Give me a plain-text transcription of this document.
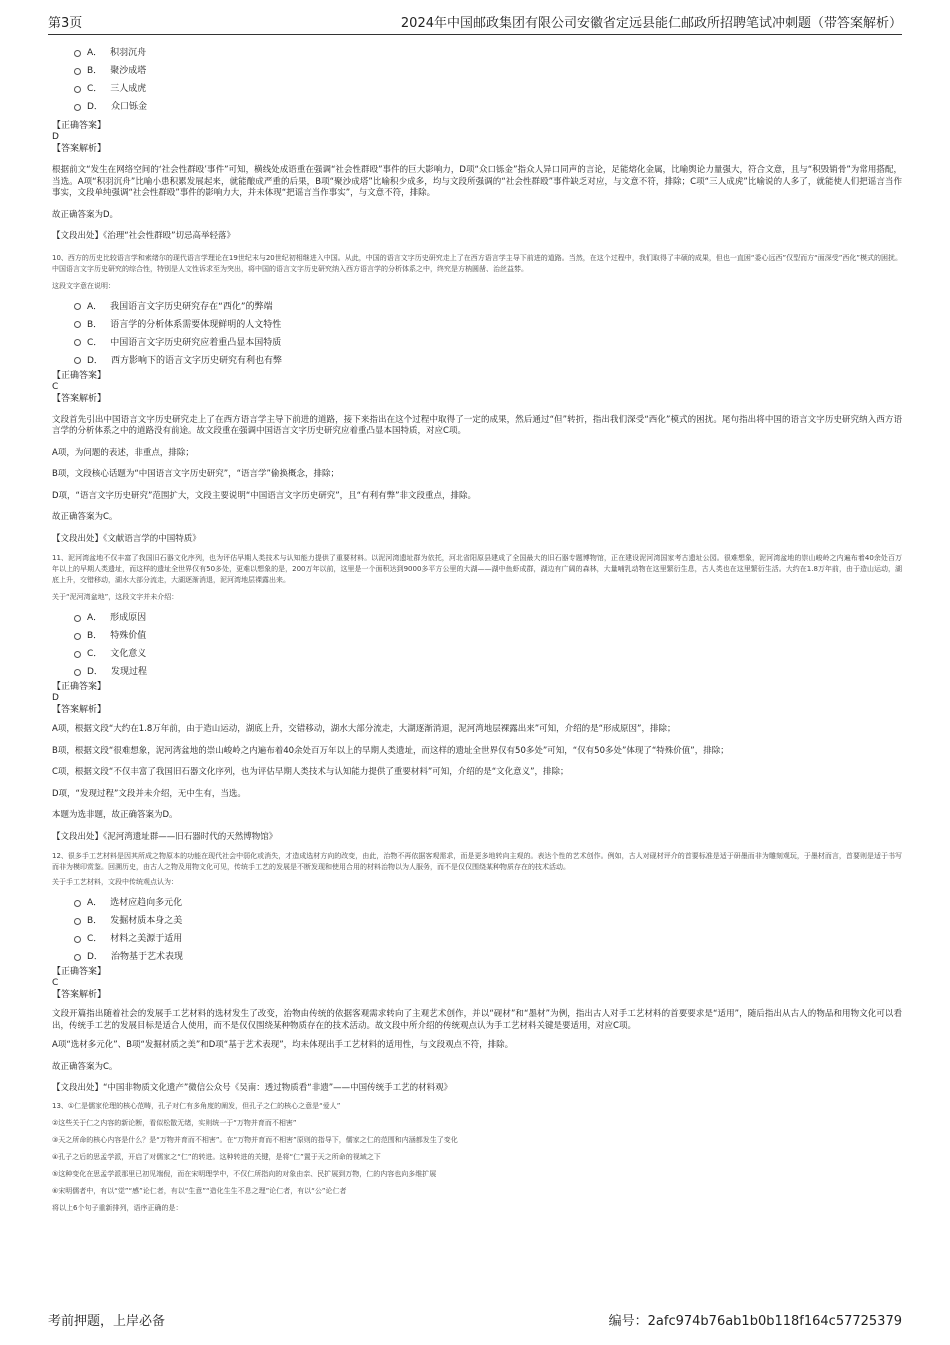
第3页	2024年中国邮政集团有限公司安徽省定远县能仁邮政所招聘笔试冲刺题（带答案解析）
A． 积羽沉舟
B． 聚沙成塔
C． 三人成虎
D． 众口铄金
【正确答案】
D
【答案解析】
根据前文“发生在网络空间的‘社会性群殴’事件”可知，横线处成语重在强调“社会性群殴”事件的巨大影响力，D项“众口铄金”指众人异口同声的言论，足能熔化金属，比喻舆论力量强大，符合文意，且与“积毁销骨”为常用搭配，当选。A项“积羽沉舟”比喻小患积累发展起来，就能酿成严重的后果，B项“聚沙成塔”比喻积少成多，均与文段所强调的“社会性群殴”事件缺乏对应，与文意不符，排除；C项“三人成虎”比喻说的人多了，就能使人们把谣言当作事实，文段单纯强调“社会性群殴”事件的影响力大，并未体现“把谣言当作事实”，与文意不符，排除。
故正确答案为D。
【文段出处】《治理“社会性群殴”切忌高举轻落》
10、西方的历史比较语言学和索绪尔的现代语言学理论在19世纪末与20世纪初相继进入中国。从此，中国的语言文字历史研究走上了在西方语言学主导下前进的道路。当然，在这个过程中，我们取得了丰硕的成果，但也一直困“委心远西”仅型而方“面深受”西化”模式的困扰。中国语言文字历史研究的综合性，特别是人文性诉求至为突出，将中国的语言文字历史研究纳入西方语言学的分析体系之中，终究是方枘圆凿、治丝益棼。
这段文字意在说明：
A． 我国语言文字历史研究存在“西化”的弊端
B． 语言学的分析体系需要体现鲜明的人文特性
C． 中国语言文字历史研究应着重凸显本国特质
D． 西方影响下的语言文字历史研究有利也有弊
【正确答案】
C
【答案解析】
文段首先引出中国语言文字历史研究走上了在西方语言学主导下前进的道路，接下来指出在这个过程中取得了一定的成果，然后通过“但”转折，指出我们深受“西化”模式的困扰。尾句指出将中国的语言文字历史研究纳入西方语言学的分析体系之中的道路没有前途。故文段重在强调中国语言文字历史研究应着重凸显本国特质，对应C项。
A项，为问题的表述，非重点，排除；
B项，文段核心话题为“中国语言文字历史研究”，“语言学”偷换概念，排除；
D项，“语言文字历史研究”范围扩大，文段主要说明“中国语言文字历史研究”，且“有利有弊”非文段重点，排除。
故正确答案为C。
【文段出处】《文献语言学的中国特质》
11、泥河湾盆地不仅丰富了我国旧石器文化序列，也为评估早期人类技术与认知能力提供了重要材料。以泥河湾遗址群为依托，河北省阳原县建成了全国最大的旧石器专题博物馆，正在建设泥河湾国家考古遗址公园。很难想象，泥河湾盆地的崇山峻岭之内遍布着40余处百万年以上的早期人类遗址，而这样的遗址全世界仅有50多处，更难以想象的是，200万年以前，这里是一个面积达到9000多平方公里的大湖——湖中鱼虾成群，湖边有广阔的森林，大量哺乳动物在这里繁衍生息，古人类也在这里繁衍生活。大约在1.8万年前，由于造山运动，湖底上升，交错移动，湖水大部分流走，大湖逐渐消退，泥河湾地层裸露出来。
关于“泥河湾盆地”，这段文字并未介绍：
A． 形成原因
B． 特殊价值
C． 文化意义
D． 发现过程
【正确答案】
D
【答案解析】
A项，根据文段“大约在1.8万年前，由于造山运动，湖底上升，交错移动，湖水大部分流走，大湖逐渐消退，泥河湾地层裸露出来”可知，介绍的是“形成原因”，排除；
B项，根据文段“很难想象，泥河湾盆地的崇山峻岭之内遍布着40余处百万年以上的早期人类遗址，而这样的遗址全世界仅有50多处”可知，“仅有50多处”体现了“特殊价值”，排除；
C项，根据文段“不仅丰富了我国旧石器文化序列，也为评估早期人类技术与认知能力提供了重要材料”可知，介绍的是“文化意义”，排除；
D项，“发现过程”文段并未介绍，无中生有，当选。
本题为选非题，故正确答案为D。
【文段出处】《泥河湾遗址群——旧石器时代的天然博物馆》
12、很多手工艺材料是因其所成之物原本的功能在现代社会中弱化或消失，才造成选材方向的改变，由此，治物不再依据客观需求，而是更多地转向主观的。表达个性的艺术创作。例如，古人对砚材评介的首要标准是适于研墨而非为雕刻观玩，于墨材而言，首要则是适于书写而非为模印赏鉴。回溯历史，由古人之物及用物文化可见，传统手工艺的发展是不断发现和使用合用的材料治物以为人服务，而不是仅仅围绕某种物质存在的技术活动。
关于手工艺材料，文段中传统观点认为：
A． 选材应趋向多元化
B． 发掘材质本身之美
C． 材料之美源于适用
D． 治物基于艺术表现
【正确答案】
C
【答案解析】
文段开篇指出随着社会的发展手工艺材料的选材发生了改变，治物由传统的依据客观需求转向了主观艺术创作，并以“砚材”和“墨材”为例，指出古人对手工艺材料的首要要求是“适用”，随后指出从古人的物品和用物文化可以看出，传统手工艺的发展目标是适合人使用，而不是仅仅围绕某种物质存在的技术活动。故文段中所介绍的传统观点认为手工艺材料关键是要适用，对应C项。
A项“选材多元化”、B项“发掘材质之美”和D项“基于艺术表现”，均未体现出手工艺材料的适用性，与文段观点不符，排除。
故正确答案为C。
【文段出处】“中国非物质文化遗产”微信公众号《吴南：透过物质看“非遗”——中国传统手工艺的材料观》
13、①仁是儒家伦理的核心范畴，孔子对仁有多角度的阐发，但孔子之仁的核心之意是“爱人”
②这些关于仁之内容的新论断，看似松散无绪，实则统一于“万物并育而不相害”
③天之所命的核心内容是什么？是“万物并育而不相害”。在“万物并育而不相害”原则的指导下，儒家之仁的范围和内涵都发生了变化
④孔子之后的思孟学派，开启了对儒家之“仁”的转进。这种转进的关键，是将“仁”置于天之所命的视域之下
⑤这种变化在思孟学派那里已初见端倪，而在宋明理学中，不仅仁所指向的对象由亲、民扩展到万物，仁的内容也向多维扩展
⑥宋明儒者中，有以“觉”“感”论仁者，有以“生意”“造化生生不息之理”论仁者，有以“公”论仁者
将以上6个句子重新排列，语序正确的是：
考前押题，上岸必备	编号：2afc974b76ab1b0b118f164c57725379
